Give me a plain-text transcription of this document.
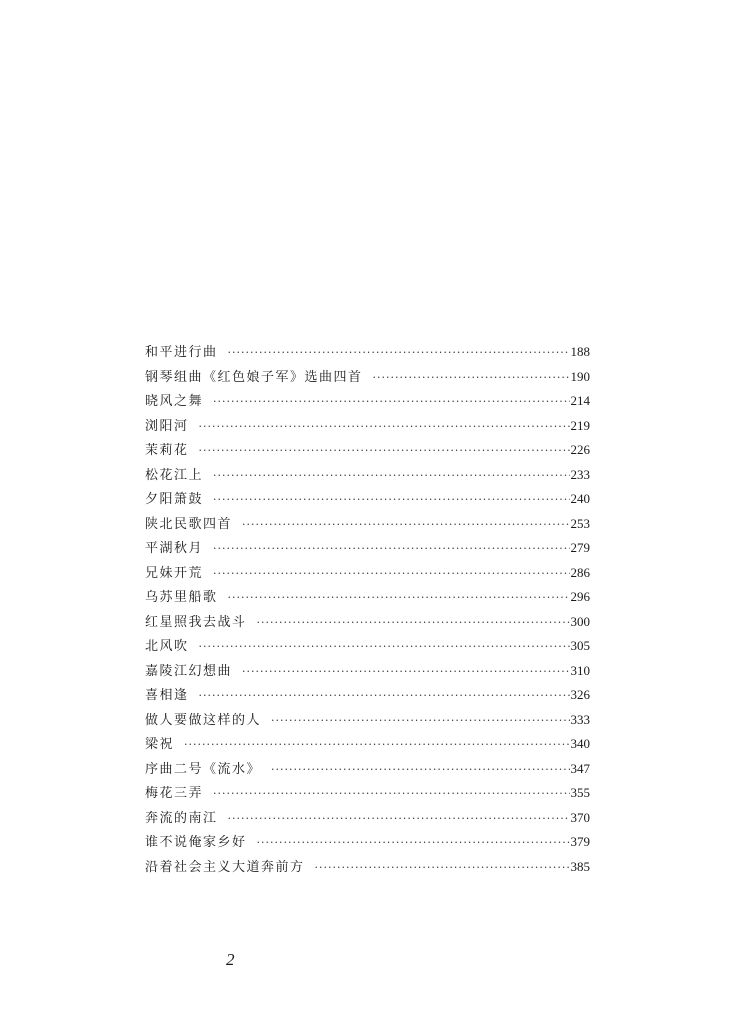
和平进行曲 ·····	188
钢琴组曲《红色娘子军》选曲四首 ·····	190
晓风之舞 ·····	214
浏阳河 ·····	219
茉莉花 ·····	226
松花江上 ·····	233
夕阳箫鼓 ·····	240
陕北民歌四首 ·····	253
平湖秋月 ·····	279
兄妹开荒 ·····	286
乌苏里船歌 ·····	296
红星照我去战斗 ·····	300
北风吹 ·····	305
嘉陵江幻想曲 ·····	310
喜相逢 ·····	326
做人要做这样的人 ·····	333
梁祝 ·····	340
序曲二号《流水》 ·····	347
梅花三弄 ·····	355
奔流的南江 ·····	370
谁不说俺家乡好 ·····	379
沿着社会主义大道奔前方 ·····	385
2
